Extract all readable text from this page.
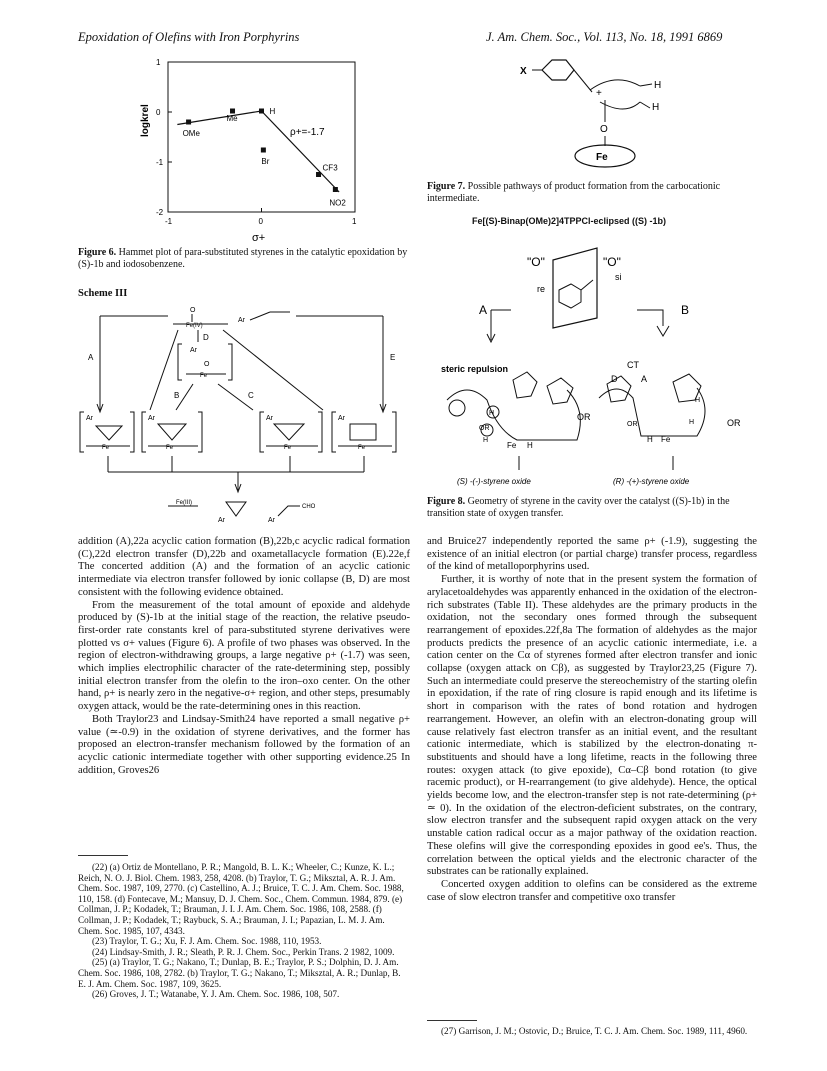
Epoxidation of Olefins with Iron Porphyrins	J. Am. Chem. Soc., Vol. 113, No. 18, 1991 6869
-1	0	1
1
0
-1
-2
OMe
Me
H
Br
CF3
NO2
ρ+=-1.7
σ+
logkrel
Figure 6. Hammet plot of para-substituted styrenes in the catalytic epoxidation by (S)-1b and iodosobenzene.
Scheme III
O
Fe(IV)
Ar
A	E
D
Ar
O
Fe
B	C
Ar
Fe
Ar
Fe
Ar
Fe
Ar
Fe
Fe(III)
Ar	Ar
CHO

addition (A),22a acyclic cation formation (B),22b,c acyclic radical formation (C),22d electron transfer (D),22b and oxametallacycle formation (E).22e,f The concerted addition (A) and the formation of an acyclic cationic intermediate via electron transfer followed by ionic collapse (B, D) are most consistent with the following evidence obtained.

From the measurement of the total amount of epoxide and aldehyde produced by (S)-1b at the initial stage of the reaction, the relative pseudo-first-order rate constants krel of para-substituted styrene derivatives were plotted vs σ+ values (Figure 6). A profile of two phases was observed. In the region of electron-withdrawing groups, a large negative ρ+ (-1.7) was seen, which implies electrophilic character of the rate-determining step, possibly initial electron transfer from the olefin to the iron–oxo center. On the other hand, ρ+ is nearly zero in the negative-σ+ region, and other steps, presumably oxygen attack, would be the rate-determining ones in this reaction.

Both Traylor23 and Lindsay-Smith24 have reported a small negative ρ+ value (≃-0.9) in the oxidation of styrene derivatives, and the former has proposed an electron-transfer mechanism followed by the formation of an acyclic cationic intermediate together with other supporting evidence.25 In addition, Groves26

(22) (a) Ortiz de Montellano, P. R.; Mangold, B. L. K.; Wheeler, C.; Kunze, K. L.; Reich, N. O. J. Biol. Chem. 1983, 258, 4208. (b) Traylor, T. G.; Miksztal, A. R. J. Am. Chem. Soc. 1987, 109, 2770. (c) Castellino, A. J.; Bruice, T. C. J. Am. Chem. Soc. 1988, 110, 158. (d) Fontecave, M.; Mansuy, D. J. Chem. Soc., Chem. Commun. 1984, 879. (e) Collman, J. P.; Kodadek, T.; Brauman, J. I. J. Am. Chem. Soc. 1986, 108, 2588. (f) Collman, J. P.; Kodadek, T.; Raybuck, S. A.; Brauman, J. I.; Papazian, L. M. J. Am. Chem. Soc. 1985, 107, 4343.
(23) Traylor, T. G.; Xu, F. J. Am. Chem. Soc. 1988, 110, 1953.
(24) Lindsay-Smith, J. R.; Sleath, P. R. J. Chem. Soc., Perkin Trans. 2 1982, 1009.
(25) (a) Traylor, T. G.; Nakano, T.; Dunlap, B. E.; Traylor, P. S.; Dolphin, D. J. Am. Chem. Soc. 1986, 108, 2782. (b) Traylor, T. G.; Nakano, T.; Miksztal, A. R.; Dunlap, B. E. J. Am. Chem. Soc. 1987, 109, 3625.
(26) Groves, J. T.; Watanabe, Y. J. Am. Chem. Soc. 1986, 108, 507.
X
+
H
H
O
Fe
Figure 7. Possible pathways of product formation from the carbocationic intermediate.
Fe[(S)-Binap(OMe)2]4TPPCl-eclipsed ((S) -1b)
"O"	"O"
si
re
A	B
steric repulsion	CT
D	A
H
OR
H
Fe H
OR
OR
H Fe
H
H	OR
(S) -(-)-styrene oxide	(R) -(+)-styrene oxide
Figure 8. Geometry of styrene in the cavity over the catalyst ((S)-1b) in the transition state of oxygen transfer.

and Bruice27 independently reported the same ρ+ (-1.9), suggesting the existence of an initial electron (or partial charge) transfer process, regardless of the kind of metalloporphyrins used.

Further, it is worthy of note that in the present system the formation of arylacetoaldehydes was apparently enhanced in the oxidation of the electron-rich substrates (Table II). These aldehydes are the primary products in the oxidation, not the secondary ones formed through the subsequent rearrangement of epoxides.22f,8a The formation of aldehydes as the major products predicts the presence of an acyclic cationic intermediate, i.e. a cation center on the Cα of styrenes formed after electron transfer and ionic collapse (oxygen attack on Cβ), as suggested by Traylor23,25 (Figure 7). Such an intermediate could preserve the stereochemistry of the starting olefin in epoxidation, if the rate of ring closure is rapid enough and its lifetime is short in comparison with the rates of bond rotation and hydrogen rearrangement. However, an olefin with an electron-donating group will cause relatively fast electron transfer as an initial event, and the resultant cationic intermediate, which is stabilized by the electron-donating π-substituents and should have a long lifetime, reacts in the following three routes: oxygen attack (to give epoxide), Cα–Cβ bond rotation (to give racemic product), or H-rearrangement (to give aldehyde). Hence, the optical yields become low, and the electron-transfer step is not rate-determining (ρ+ ≃ 0). In the oxidation of the electron-deficient substrates, on the contrary, slow electron transfer and the subsequent rapid oxygen attack on the very unstable cation radical occur as a major pathway of the oxidation reaction. These olefins will give the corresponding epoxides in good ee's. Thus, the correlation between the optical yields and the electronic character of the substrates can be rationally explained.

Concerted oxygen addition to olefins can be considered as the extreme case of slow electron transfer and competitive oxo transfer

(27) Garrison, J. M.; Ostovic, D.; Bruice, T. C. J. Am. Chem. Soc. 1989, 111, 4960.
